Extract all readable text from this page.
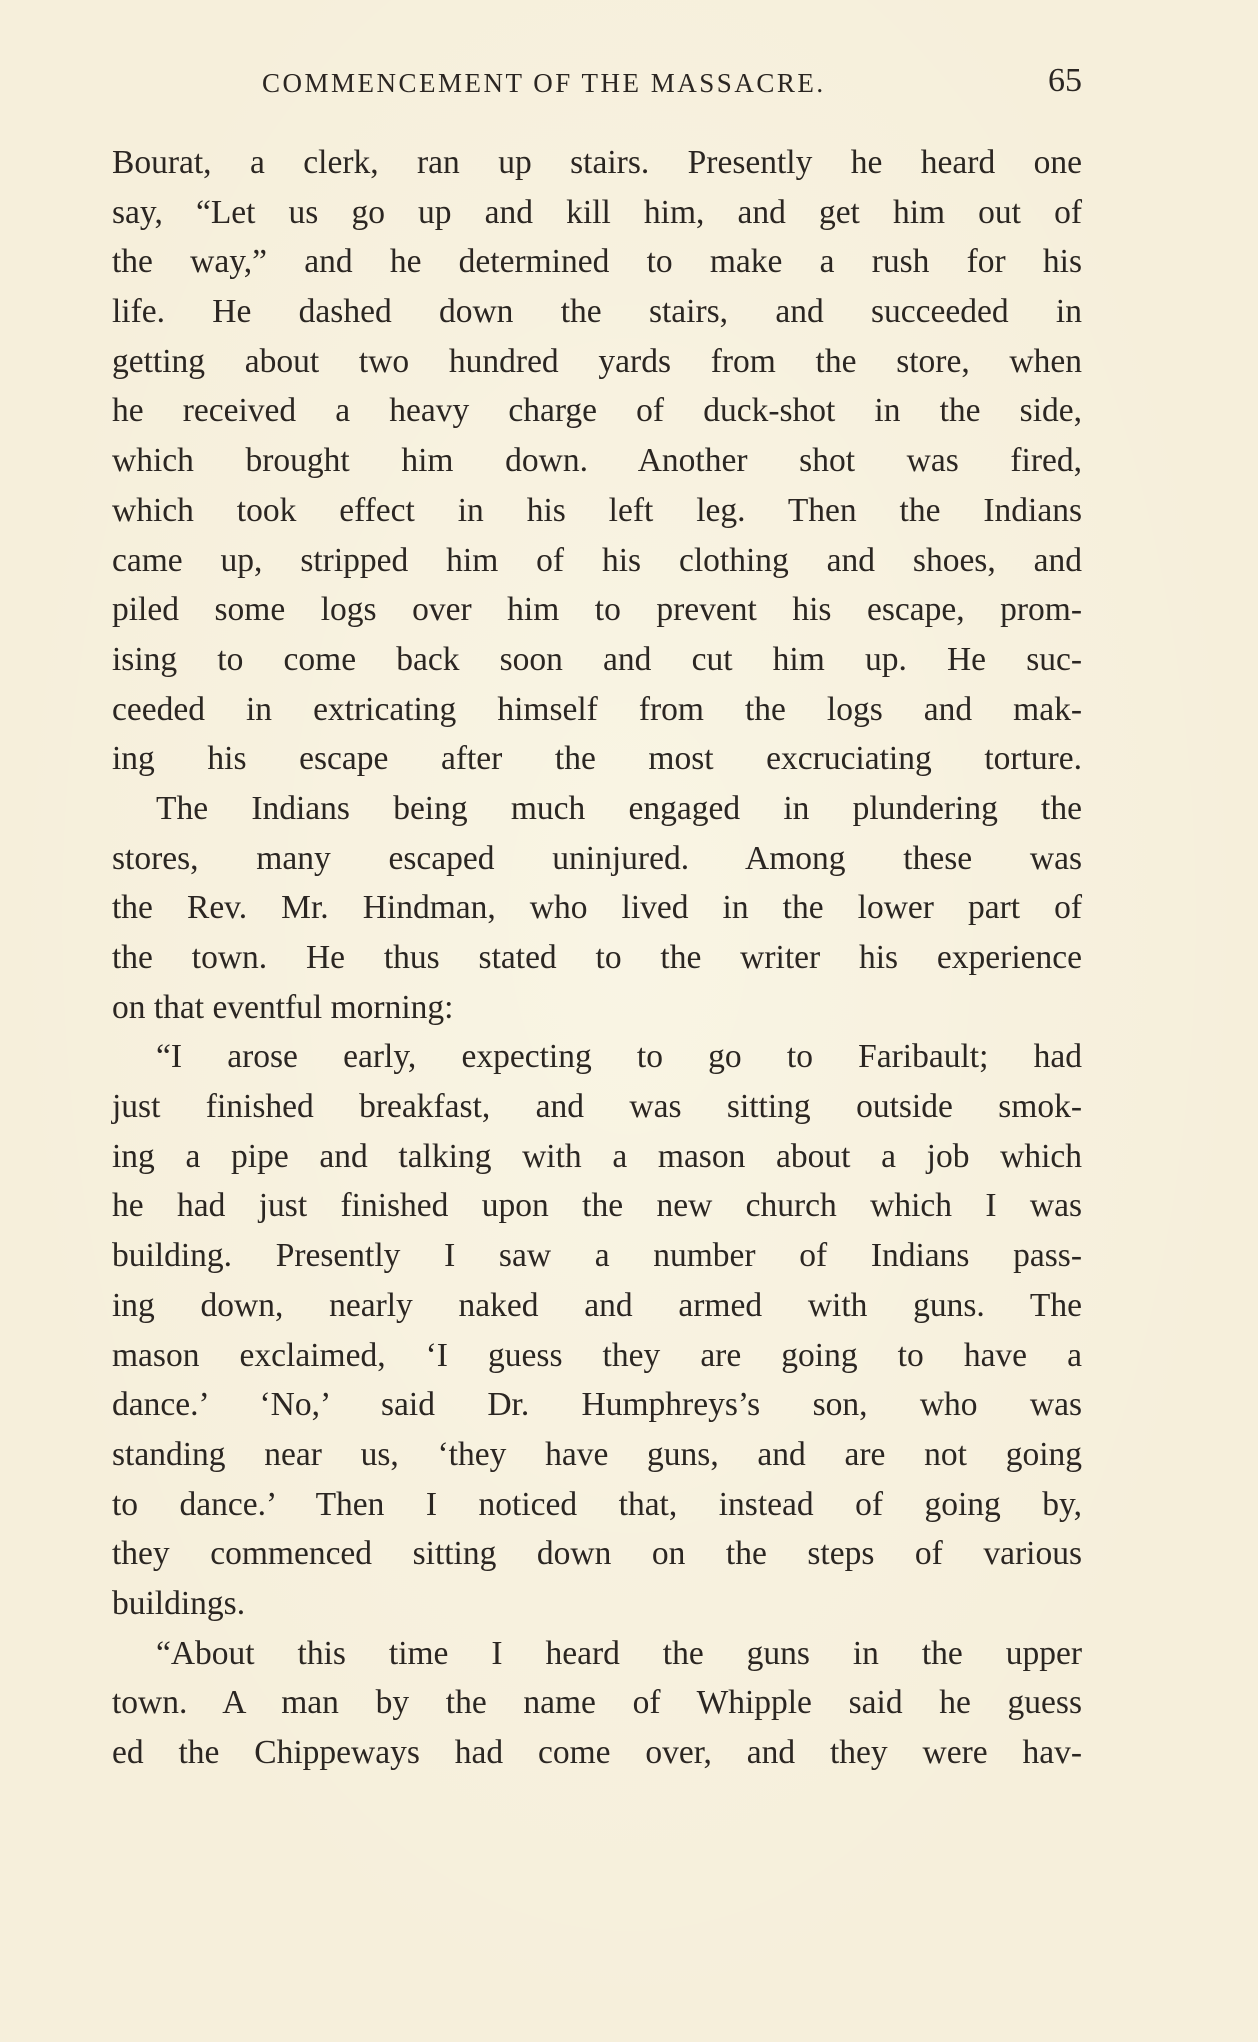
COMMENCEMENT OF THE MASSACRE.	65
Bourat, a clerk, ran up stairs. Presently he heard one
say, “Let us go up and kill him, and get him out of
the way,” and he determined to make a rush for his
life. He dashed down the stairs, and succeeded in
getting about two hundred yards from the store, when
he received a heavy charge of duck-shot in the side,
which brought him down. Another shot was fired,
which took effect in his left leg. Then the Indians
came up, stripped him of his clothing and shoes, and
piled some logs over him to prevent his escape, prom-
ising to come back soon and cut him up. He suc-
ceeded in extricating himself from the logs and mak-
ing his escape after the most excruciating torture.
The Indians being much engaged in plundering the
stores, many escaped uninjured. Among these was
the Rev. Mr. Hindman, who lived in the lower part of
the town. He thus stated to the writer his experience
on that eventful morning:
“I arose early, expecting to go to Faribault; had
just finished breakfast, and was sitting outside smok-
ing a pipe and talking with a mason about a job which
he had just finished upon the new church which I was
building. Presently I saw a number of Indians pass-
ing down, nearly naked and armed with guns. The
mason exclaimed, ‘I guess they are going to have a
dance.’ ‘No,’ said Dr. Humphreys’s son, who was
standing near us, ‘they have guns, and are not going
to dance.’ Then I noticed that, instead of going by,
they commenced sitting down on the steps of various
buildings.
“About this time I heard the guns in the upper
town. A man by the name of Whipple said he guess
ed the Chippeways had come over, and they were hav-
